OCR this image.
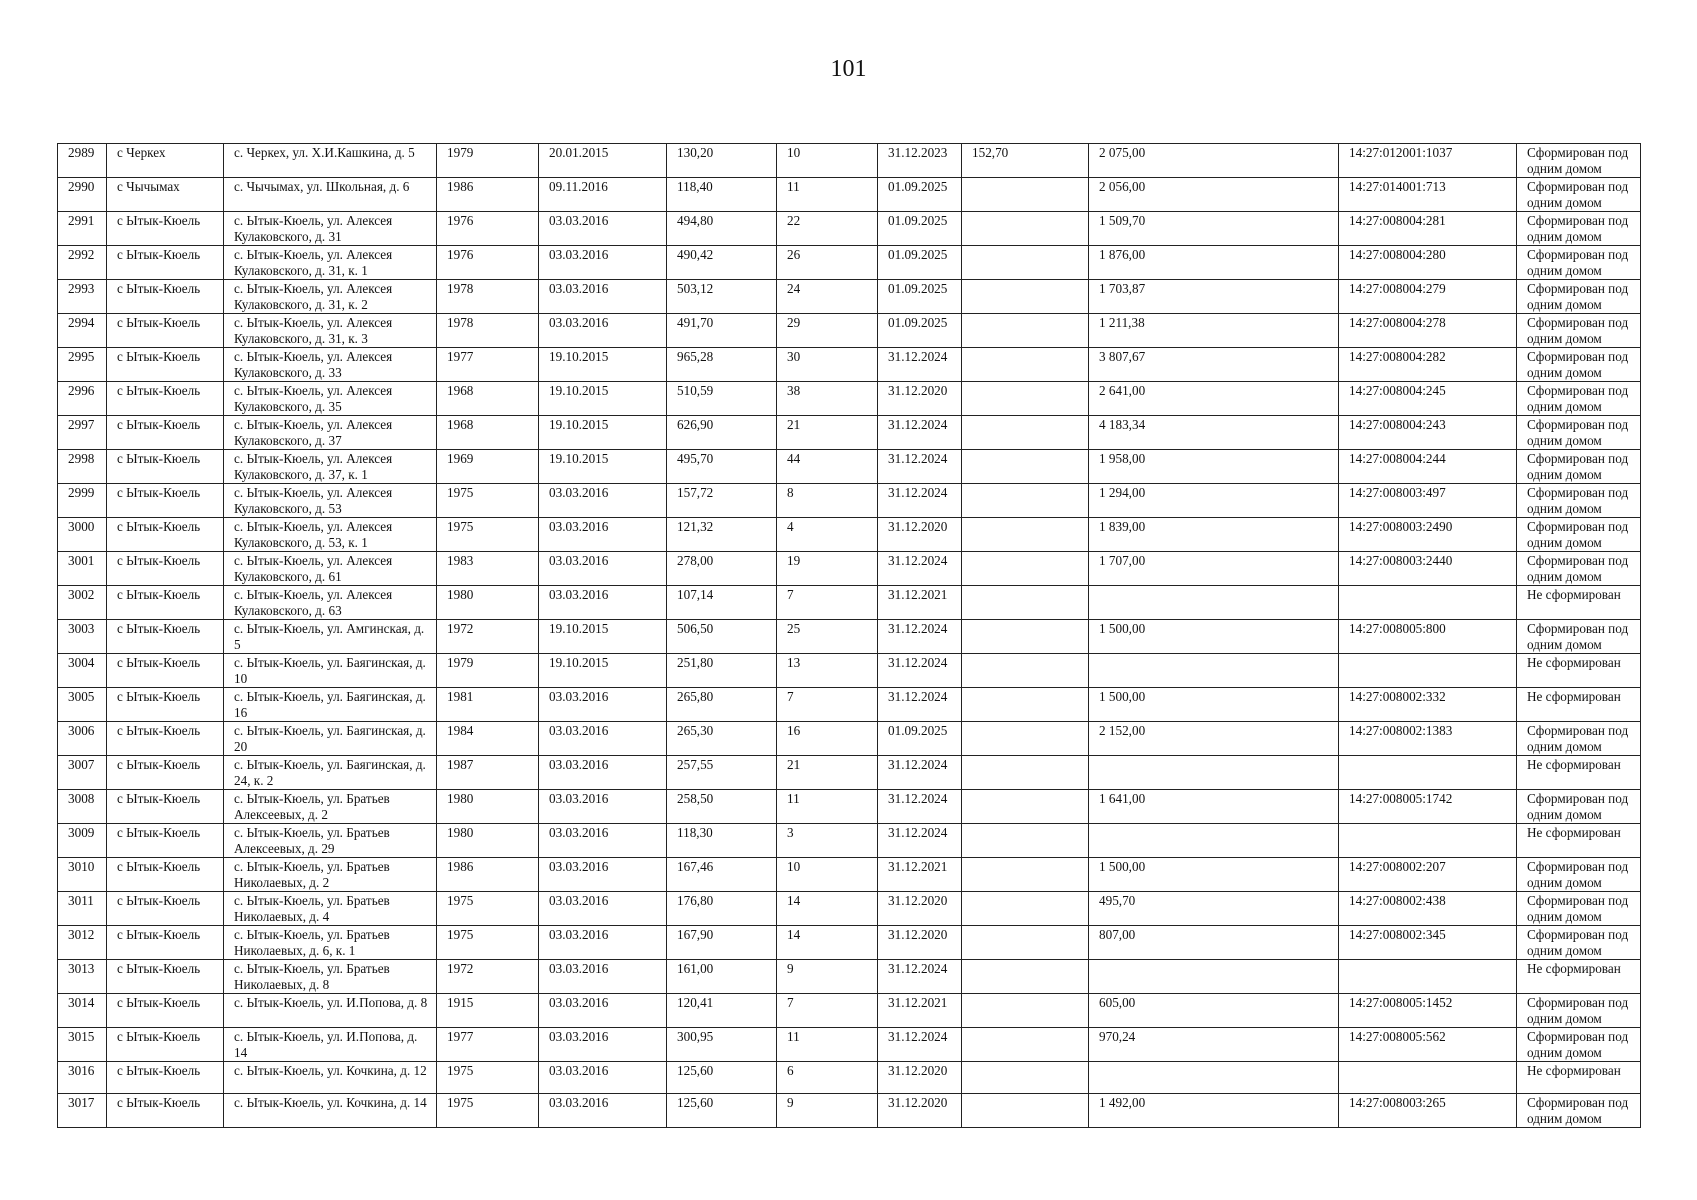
101
2989	с Черкех	с. Черкех, ул. Х.И.Кашкина, д. 5	1979	20.01.2015	130,20	10	31.12.2023	152,70	2 075,00	14:27:012001:1037	Сформирован под одним домом
2990	с Чычымах	с. Чычымах, ул. Школьная, д. 6	1986	09.11.2016	118,40	11	01.09.2025		2 056,00	14:27:014001:713	Сформирован под одним домом
2991	с Ытык-Кюель	с. Ытык-Кюель, ул. Алексея Кулаковского, д. 31	1976	03.03.2016	494,80	22	01.09.2025		1 509,70	14:27:008004:281	Сформирован под одним домом
2992	с Ытык-Кюель	с. Ытык-Кюель, ул. Алексея Кулаковского, д. 31, к. 1	1976	03.03.2016	490,42	26	01.09.2025		1 876,00	14:27:008004:280	Сформирован под одним домом
2993	с Ытык-Кюель	с. Ытык-Кюель, ул. Алексея Кулаковского, д. 31, к. 2	1978	03.03.2016	503,12	24	01.09.2025		1 703,87	14:27:008004:279	Сформирован под одним домом
2994	с Ытык-Кюель	с. Ытык-Кюель, ул. Алексея Кулаковского, д. 31, к. 3	1978	03.03.2016	491,70	29	01.09.2025		1 211,38	14:27:008004:278	Сформирован под одним домом
2995	с Ытык-Кюель	с. Ытык-Кюель, ул. Алексея Кулаковского, д. 33	1977	19.10.2015	965,28	30	31.12.2024		3 807,67	14:27:008004:282	Сформирован под одним домом
2996	с Ытык-Кюель	с. Ытык-Кюель, ул. Алексея Кулаковского, д. 35	1968	19.10.2015	510,59	38	31.12.2020		2 641,00	14:27:008004:245	Сформирован под одним домом
2997	с Ытык-Кюель	с. Ытык-Кюель, ул. Алексея Кулаковского, д. 37	1968	19.10.2015	626,90	21	31.12.2024		4 183,34	14:27:008004:243	Сформирован под одним домом
2998	с Ытык-Кюель	с. Ытык-Кюель, ул. Алексея Кулаковского, д. 37, к. 1	1969	19.10.2015	495,70	44	31.12.2024		1 958,00	14:27:008004:244	Сформирован под одним домом
2999	с Ытык-Кюель	с. Ытык-Кюель, ул. Алексея Кулаковского, д. 53	1975	03.03.2016	157,72	8	31.12.2024		1 294,00	14:27:008003:497	Сформирован под одним домом
3000	с Ытык-Кюель	с. Ытык-Кюель, ул. Алексея Кулаковского, д. 53, к. 1	1975	03.03.2016	121,32	4	31.12.2020		1 839,00	14:27:008003:2490	Сформирован под одним домом
3001	с Ытык-Кюель	с. Ытык-Кюель, ул. Алексея Кулаковского, д. 61	1983	03.03.2016	278,00	19	31.12.2024		1 707,00	14:27:008003:2440	Сформирован под одним домом
3002	с Ытык-Кюель	с. Ытык-Кюель, ул. Алексея Кулаковского, д. 63	1980	03.03.2016	107,14	7	31.12.2021				Не сформирован
3003	с Ытык-Кюель	с. Ытык-Кюель, ул. Амгинская, д. 5	1972	19.10.2015	506,50	25	31.12.2024		1 500,00	14:27:008005:800	Сформирован под одним домом
3004	с Ытык-Кюель	с. Ытык-Кюель, ул. Баягинская, д. 10	1979	19.10.2015	251,80	13	31.12.2024				Не сформирован
3005	с Ытык-Кюель	с. Ытык-Кюель, ул. Баягинская, д. 16	1981	03.03.2016	265,80	7	31.12.2024		1 500,00	14:27:008002:332	Не сформирован
3006	с Ытык-Кюель	с. Ытык-Кюель, ул. Баягинская, д. 20	1984	03.03.2016	265,30	16	01.09.2025		2 152,00	14:27:008002:1383	Сформирован под одним домом
3007	с Ытык-Кюель	с. Ытык-Кюель, ул. Баягинская, д. 24, к. 2	1987	03.03.2016	257,55	21	31.12.2024				Не сформирован
3008	с Ытык-Кюель	с. Ытык-Кюель, ул. Братьев Алексеевых, д. 2	1980	03.03.2016	258,50	11	31.12.2024		1 641,00	14:27:008005:1742	Сформирован под одним домом
3009	с Ытык-Кюель	с. Ытык-Кюель, ул. Братьев Алексеевых, д. 29	1980	03.03.2016	118,30	3	31.12.2024				Не сформирован
3010	с Ытык-Кюель	с. Ытык-Кюель, ул. Братьев Николаевых, д. 2	1986	03.03.2016	167,46	10	31.12.2021		1 500,00	14:27:008002:207	Сформирован под одним домом
3011	с Ытык-Кюель	с. Ытык-Кюель, ул. Братьев Николаевых, д. 4	1975	03.03.2016	176,80	14	31.12.2020		495,70	14:27:008002:438	Сформирован под одним домом
3012	с Ытык-Кюель	с. Ытык-Кюель, ул. Братьев Николаевых, д. 6, к. 1	1975	03.03.2016	167,90	14	31.12.2020		807,00	14:27:008002:345	Сформирован под одним домом
3013	с Ытык-Кюель	с. Ытык-Кюель, ул. Братьев Николаевых, д. 8	1972	03.03.2016	161,00	9	31.12.2024				Не сформирован
3014	с Ытык-Кюель	с. Ытык-Кюель, ул. И.Попова, д. 8	1915	03.03.2016	120,41	7	31.12.2021		605,00	14:27:008005:1452	Сформирован под одним домом
3015	с Ытык-Кюель	с. Ытык-Кюель, ул. И.Попова, д. 14	1977	03.03.2016	300,95	11	31.12.2024		970,24	14:27:008005:562	Сформирован под одним домом
3016	с Ытык-Кюель	с. Ытык-Кюель, ул. Кочкина, д. 12	1975	03.03.2016	125,60	6	31.12.2020				Не сформирован
3017	с Ытык-Кюель	с. Ытык-Кюель, ул. Кочкина, д. 14	1975	03.03.2016	125,60	9	31.12.2020		1 492,00	14:27:008003:265	Сформирован под одним домом
